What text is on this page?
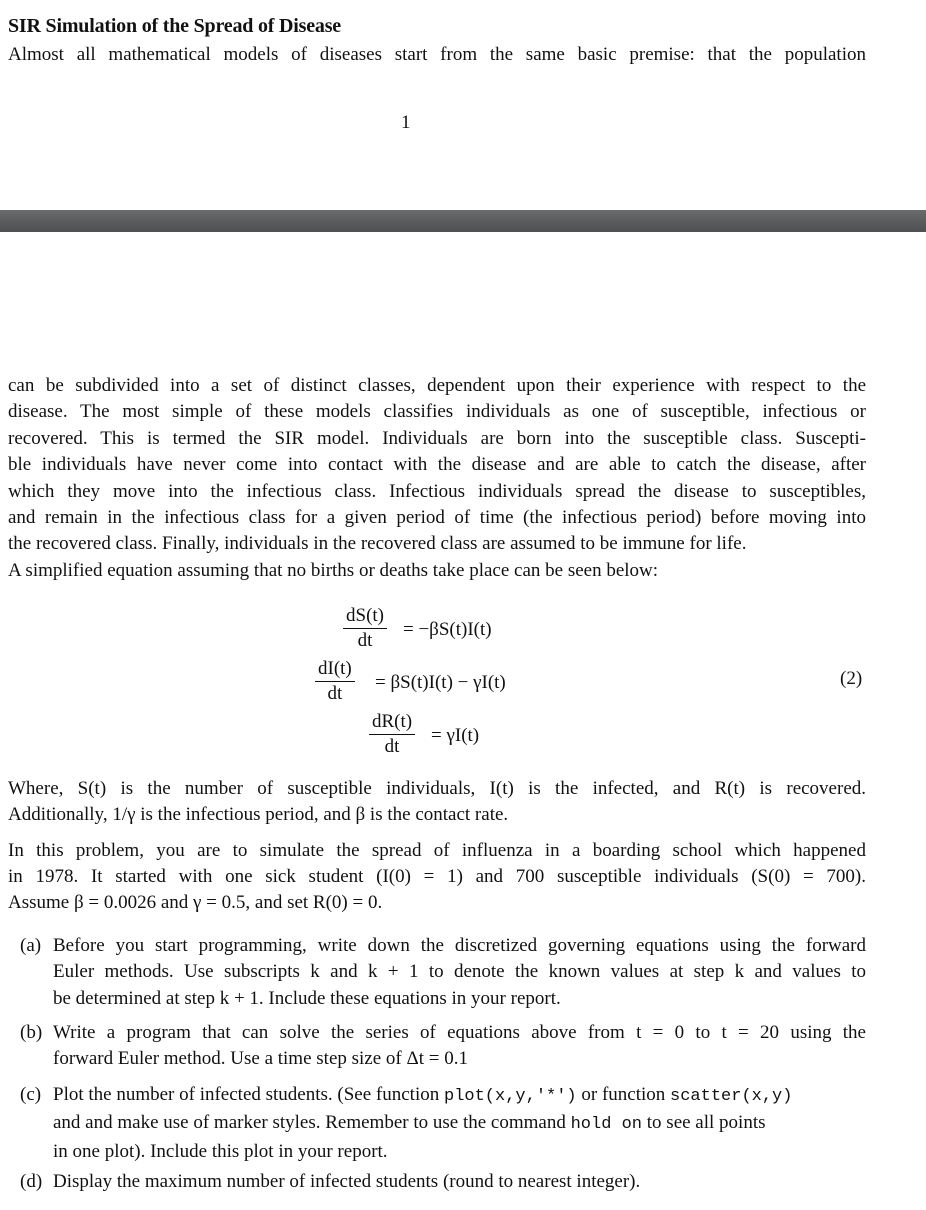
SIR Simulation of the Spread of Disease
Almost all mathematical models of diseases start from the same basic premise: that the population
1
can be subdivided into a set of distinct classes, dependent upon their experience with respect to the
disease. The most simple of these models classifies individuals as one of susceptible, infectious or
recovered. This is termed the SIR model. Individuals are born into the susceptible class. Suscepti-
ble individuals have never come into contact with the disease and are able to catch the disease, after
which they move into the infectious class. Infectious individuals spread the disease to susceptibles,
and remain in the infectious class for a given period of time (the infectious period) before moving into
the recovered class. Finally, individuals in the recovered class are assumed to be immune for life.
A simplified equation assuming that no births or deaths take place can be seen below:
$\frac{dS(t)}{dt} = -\beta S(t)I(t)$
$\frac{dI(t)}{dt} = \beta S(t)I(t) - \gamma I(t)$
$\frac{dR(t)}{dt} = \gamma I(t)$
(2)
Where, S(t) is the number of susceptible individuals, I(t) is the infected, and R(t) is recovered.
Additionally, 1/γ is the infectious period, and β is the contact rate.
In this problem, you are to simulate the spread of influenza in a boarding school which happened
in 1978. It started with one sick student (I(0) = 1) and 700 susceptible individuals (S(0) = 700).
Assume β = 0.0026 and γ = 0.5, and set R(0) = 0.
(a) Before you start programming, write down the discretized governing equations using the forward
Euler methods. Use subscripts k and k + 1 to denote the known values at step k and values to
be determined at step k + 1. Include these equations in your report.
(b) Write a program that can solve the series of equations above from t = 0 to t = 20 using the
forward Euler method. Use a time step size of Δt = 0.1
(c) Plot the number of infected students. (See function plot(x,y,'*') or function scatter(x,y)
and and make use of marker styles. Remember to use the command hold on to see all points
in one plot). Include this plot in your report.
(d) Display the maximum number of infected students (round to nearest integer).
